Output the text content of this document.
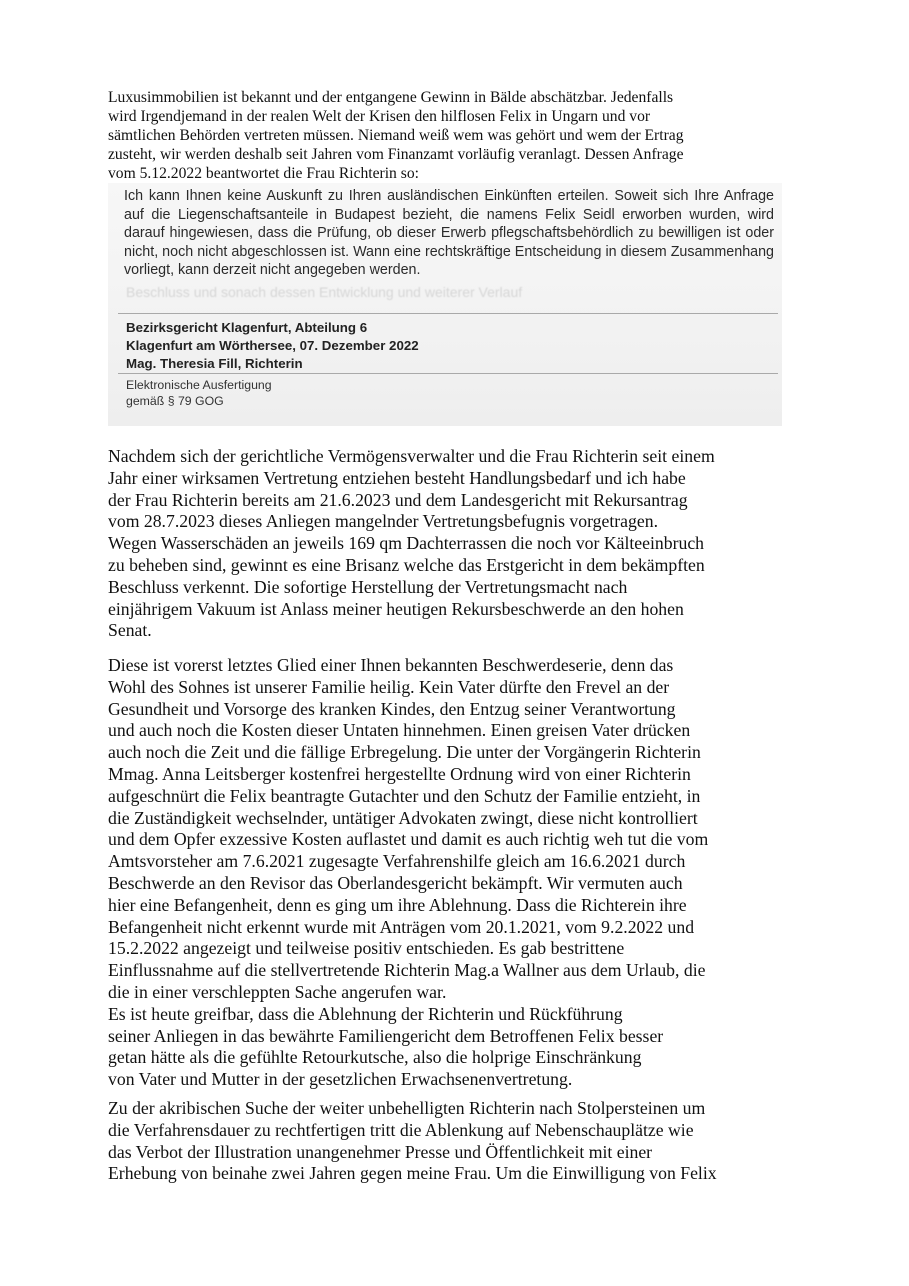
Luxusimmobilien ist bekannt und der entgangene Gewinn in Bälde abschätzbar. Jedenfalls
wird Irgendjemand in der realen Welt der Krisen den hilflosen Felix in Ungarn und vor
sämtlichen Behörden vertreten müssen. Niemand weiß wem was gehört und wem der Ertrag
zusteht, wir werden deshalb seit Jahren vom Finanzamt vorläufig veranlagt. Dessen Anfrage
vom 5.12.2022 beantwortet die Frau Richterin so:

Ich kann Ihnen keine Auskunft zu Ihren ausländischen Einkünften erteilen. Soweit sich Ihre Anfrage auf die Liegenschaftsanteile in Budapest bezieht, die namens Felix Seidl erworben wurden, wird darauf hingewiesen, dass die Prüfung, ob dieser Erwerb pflegschaftsbehördlich zu bewilligen ist oder nicht, noch nicht abgeschlossen ist. Wann eine rechtskräftige Entscheidung in diesem Zusammenhang vorliegt, kann derzeit nicht angegeben werden.

Beschluss und sonach dessen Entwicklung und weiterer Verlauf

Bezirksgericht Klagenfurt, Abteilung 6
Klagenfurt am Wörthersee, 07. Dezember 2022
Mag. Theresia Fill, Richterin
Elektronische Ausfertigung
gemäß § 79 GOG
Nachdem sich der gerichtliche Vermögensverwalter und die Frau Richterin seit einem
Jahr einer wirksamen Vertretung entziehen besteht Handlungsbedarf und ich habe
der Frau Richterin bereits am 21.6.2023 und dem Landesgericht mit Rekursantrag
vom 28.7.2023 dieses Anliegen mangelnder Vertretungsbefugnis vorgetragen.
Wegen Wasserschäden an jeweils 169 qm Dachterrassen die noch vor Kälteeinbruch
zu beheben sind, gewinnt es eine Brisanz welche das Erstgericht in dem bekämpften
Beschluss verkennt. Die sofortige Herstellung der Vertretungsmacht nach
einjährigem Vakuum ist Anlass meiner heutigen Rekursbeschwerde an den hohen
Senat.
Diese ist vorerst letztes Glied einer Ihnen bekannten Beschwerdeserie, denn das
Wohl des Sohnes ist unserer Familie heilig. Kein Vater dürfte den Frevel an der
Gesundheit und Vorsorge des kranken Kindes, den Entzug seiner Verantwortung
und auch noch die Kosten dieser Untaten hinnehmen. Einen greisen Vater drücken
auch noch die Zeit und die fällige Erbregelung. Die unter der Vorgängerin Richterin
Mmag. Anna Leitsberger kostenfrei hergestellte Ordnung wird von einer Richterin
aufgeschnürt die Felix beantragte Gutachter und den Schutz der Familie entzieht, in
die Zuständigkeit wechselnder, untätiger Advokaten zwingt, diese nicht kontrolliert
und dem Opfer exzessive Kosten auflastet und damit es auch richtig weh tut die vom
Amtsvorsteher am 7.6.2021 zugesagte Verfahrenshilfe gleich am 16.6.2021 durch
Beschwerde an den Revisor das Oberlandesgericht bekämpft. Wir vermuten auch
hier eine Befangenheit, denn es ging um ihre Ablehnung. Dass die Richterein ihre
Befangenheit nicht erkennt wurde mit Anträgen vom 20.1.2021, vom 9.2.2022 und
15.2.2022 angezeigt und teilweise positiv entschieden. Es gab bestrittene
Einflussnahme auf die stellvertretende Richterin Mag.a Wallner aus dem Urlaub, die
die in einer verschleppten Sache angerufen war.
Es ist heute greifbar, dass die Ablehnung der Richterin und Rückführung
seiner Anliegen in das bewährte Familiengericht dem Betroffenen Felix besser
getan hätte als die gefühlte Retourkutsche, also die holprige Einschränkung
von Vater und Mutter in der gesetzlichen Erwachsenenvertretung.
Zu der akribischen Suche der weiter unbehelligten Richterin nach Stolpersteinen um
die Verfahrensdauer zu rechtfertigen tritt die Ablenkung auf Nebenschauplätze wie
das Verbot der Illustration unangenehmer Presse und Öffentlichkeit mit einer
Erhebung von beinahe zwei Jahren gegen meine Frau. Um die Einwilligung von Felix
